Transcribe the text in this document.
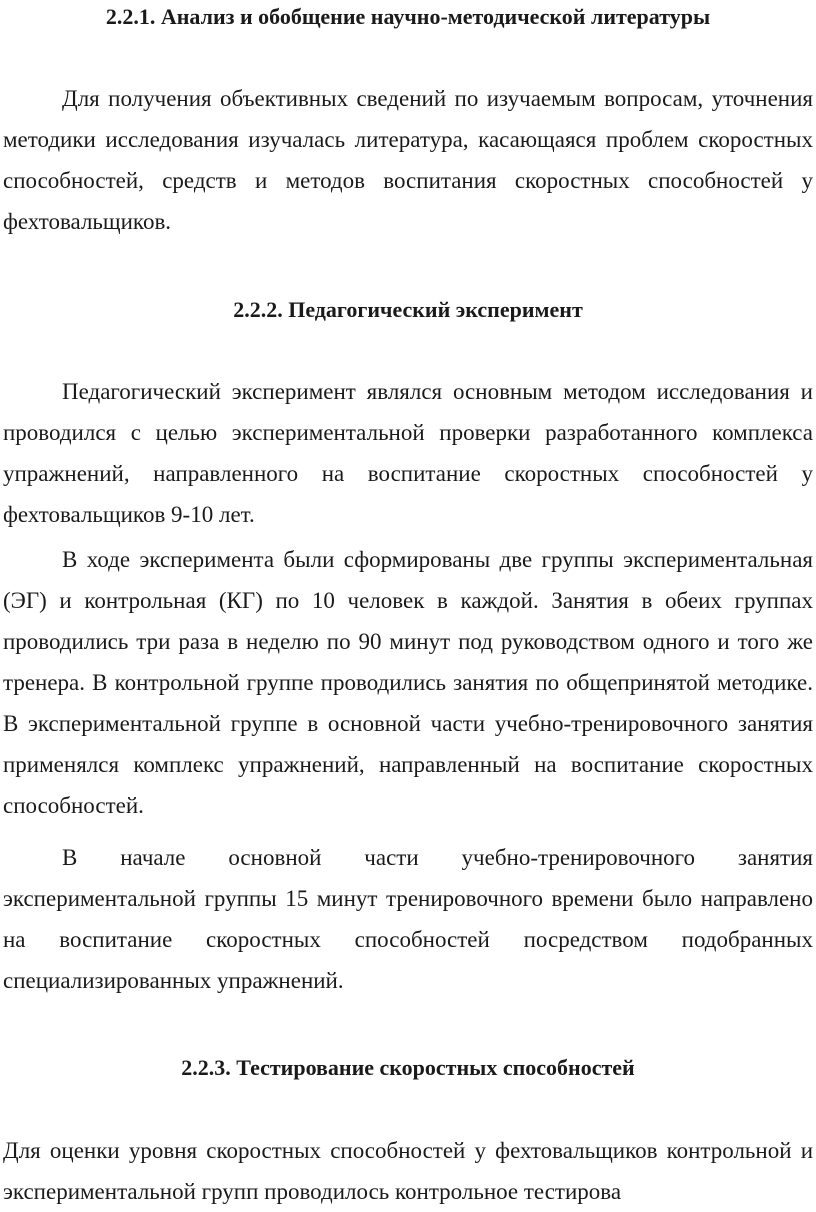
2.2.1. Анализ и обобщение научно-методической литературы

Для получения объективных сведений по изучаемым вопросам, уточнения методики исследования изучалась литература, касающаяся проблем скоростных способностей, средств и методов воспитания скоростных способностей у фехтовальщиков.

2.2.2. Педагогический эксперимент

Педагогический эксперимент являлся основным методом исследования и проводился с целью экспериментальной проверки разработанного комплекса упражнений, направленного на воспитание скоростных способностей у фехтовальщиков 9-10 лет.

В ходе эксперимента были сформированы две группы экспериментальная (ЭГ) и контрольная (КГ) по 10 человек в каждой. Занятия в обеих группах проводились три раза в неделю по 90 минут под руководством одного и того же тренера. В контрольной группе проводились занятия по общепринятой методике. В экспериментальной группе в основной части учебно-тренировочного занятия применялся комплекс упражнений, направленный на воспитание скоростных способностей.

В начале основной части учебно-тренировочного занятия экспериментальной группы 15 минут тренировочного времени было направлено на воспитание скоростных способностей посредством подобранных специализированных упражнений.

2.2.3. Тестирование скоростных способностей

Для оценки уровня скоростных способностей у фехтовальщиков контрольной и экспериментальной групп проводилось контрольное тестирова
